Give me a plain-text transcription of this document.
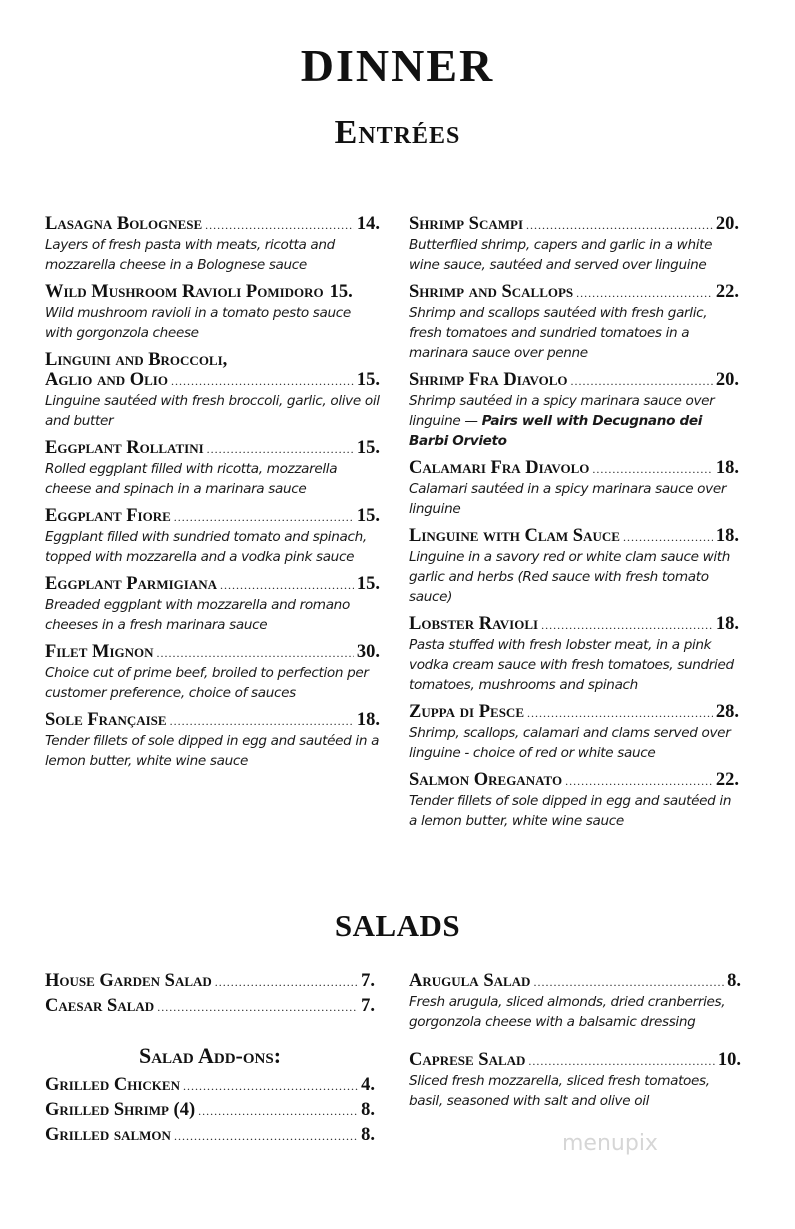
DINNER
Entrées
Lasagna Bolognese .....	14.
Layers of fresh pasta with meats, ricotta and mozzarella cheese in a Bolognese sauce
Wild Mushroom Ravioli Pomidoro 15.
Wild mushroom ravioli in a tomato pesto sauce with gorgonzola cheese
Linguini and Broccoli,
Aglio and Olio .....	15.
Linguine sautéed with fresh broccoli, garlic, olive oil and butter
Eggplant Rollatini .....	15.
Rolled eggplant filled with ricotta, mozzarella cheese and spinach in a marinara sauce
Eggplant Fiore .....	15.
Eggplant filled with sundried tomato and spinach, topped with mozzarella and a vodka pink sauce
Eggplant Parmigiana .....	15.
Breaded eggplant with mozzarella and romano cheeses in a fresh marinara sauce
Filet Mignon .....	30.
Choice cut of prime beef, broiled to perfection per customer preference, choice of sauces
Sole Française .....	18.
Tender fillets of sole dipped in egg and sautéed in a lemon butter, white wine sauce
Shrimp Scampi .....	20.
Butterflied shrimp, capers and garlic in a white wine sauce, sautéed and served over linguine
Shrimp and Scallops .....	22.
Shrimp and scallops sautéed with fresh garlic, fresh tomatoes and sundried tomatoes in a marinara sauce over penne
Shrimp Fra Diavolo .....	20.
Shrimp sautéed in a spicy marinara sauce over linguine — Pairs well with Decugnano dei Barbi Orvieto
Calamari Fra Diavolo .....	18.
Calamari sautéed in a spicy marinara sauce over linguine
Linguine with Clam Sauce .....	18.
Linguine in a savory red or white clam sauce with garlic and herbs (Red sauce with fresh tomato sauce)
Lobster Ravioli .....	18.
Pasta stuffed with fresh lobster meat, in a pink vodka cream sauce with fresh tomatoes, sundried tomatoes, mushrooms and spinach
Zuppa di Pesce .....	28.
Shrimp, scallops, calamari and clams served over linguine - choice of red or white sauce
Salmon Oreganato .....	22.
Tender fillets of sole dipped in egg and sautéed in a lemon butter, white wine sauce
SALADS
House Garden Salad .....	7.
Caesar Salad .....	7.
Salad Add-ons:
Grilled Chicken .....	4.
Grilled Shrimp (4) .....	8.
Grilled salmon .....	8.
Arugula Salad .....	8.
Fresh arugula, sliced almonds, dried cranberries, gorgonzola cheese with a balsamic dressing
Caprese Salad .....	10.
Sliced fresh mozzarella, sliced fresh tomatoes, basil, seasoned with salt and olive oil
menupix
